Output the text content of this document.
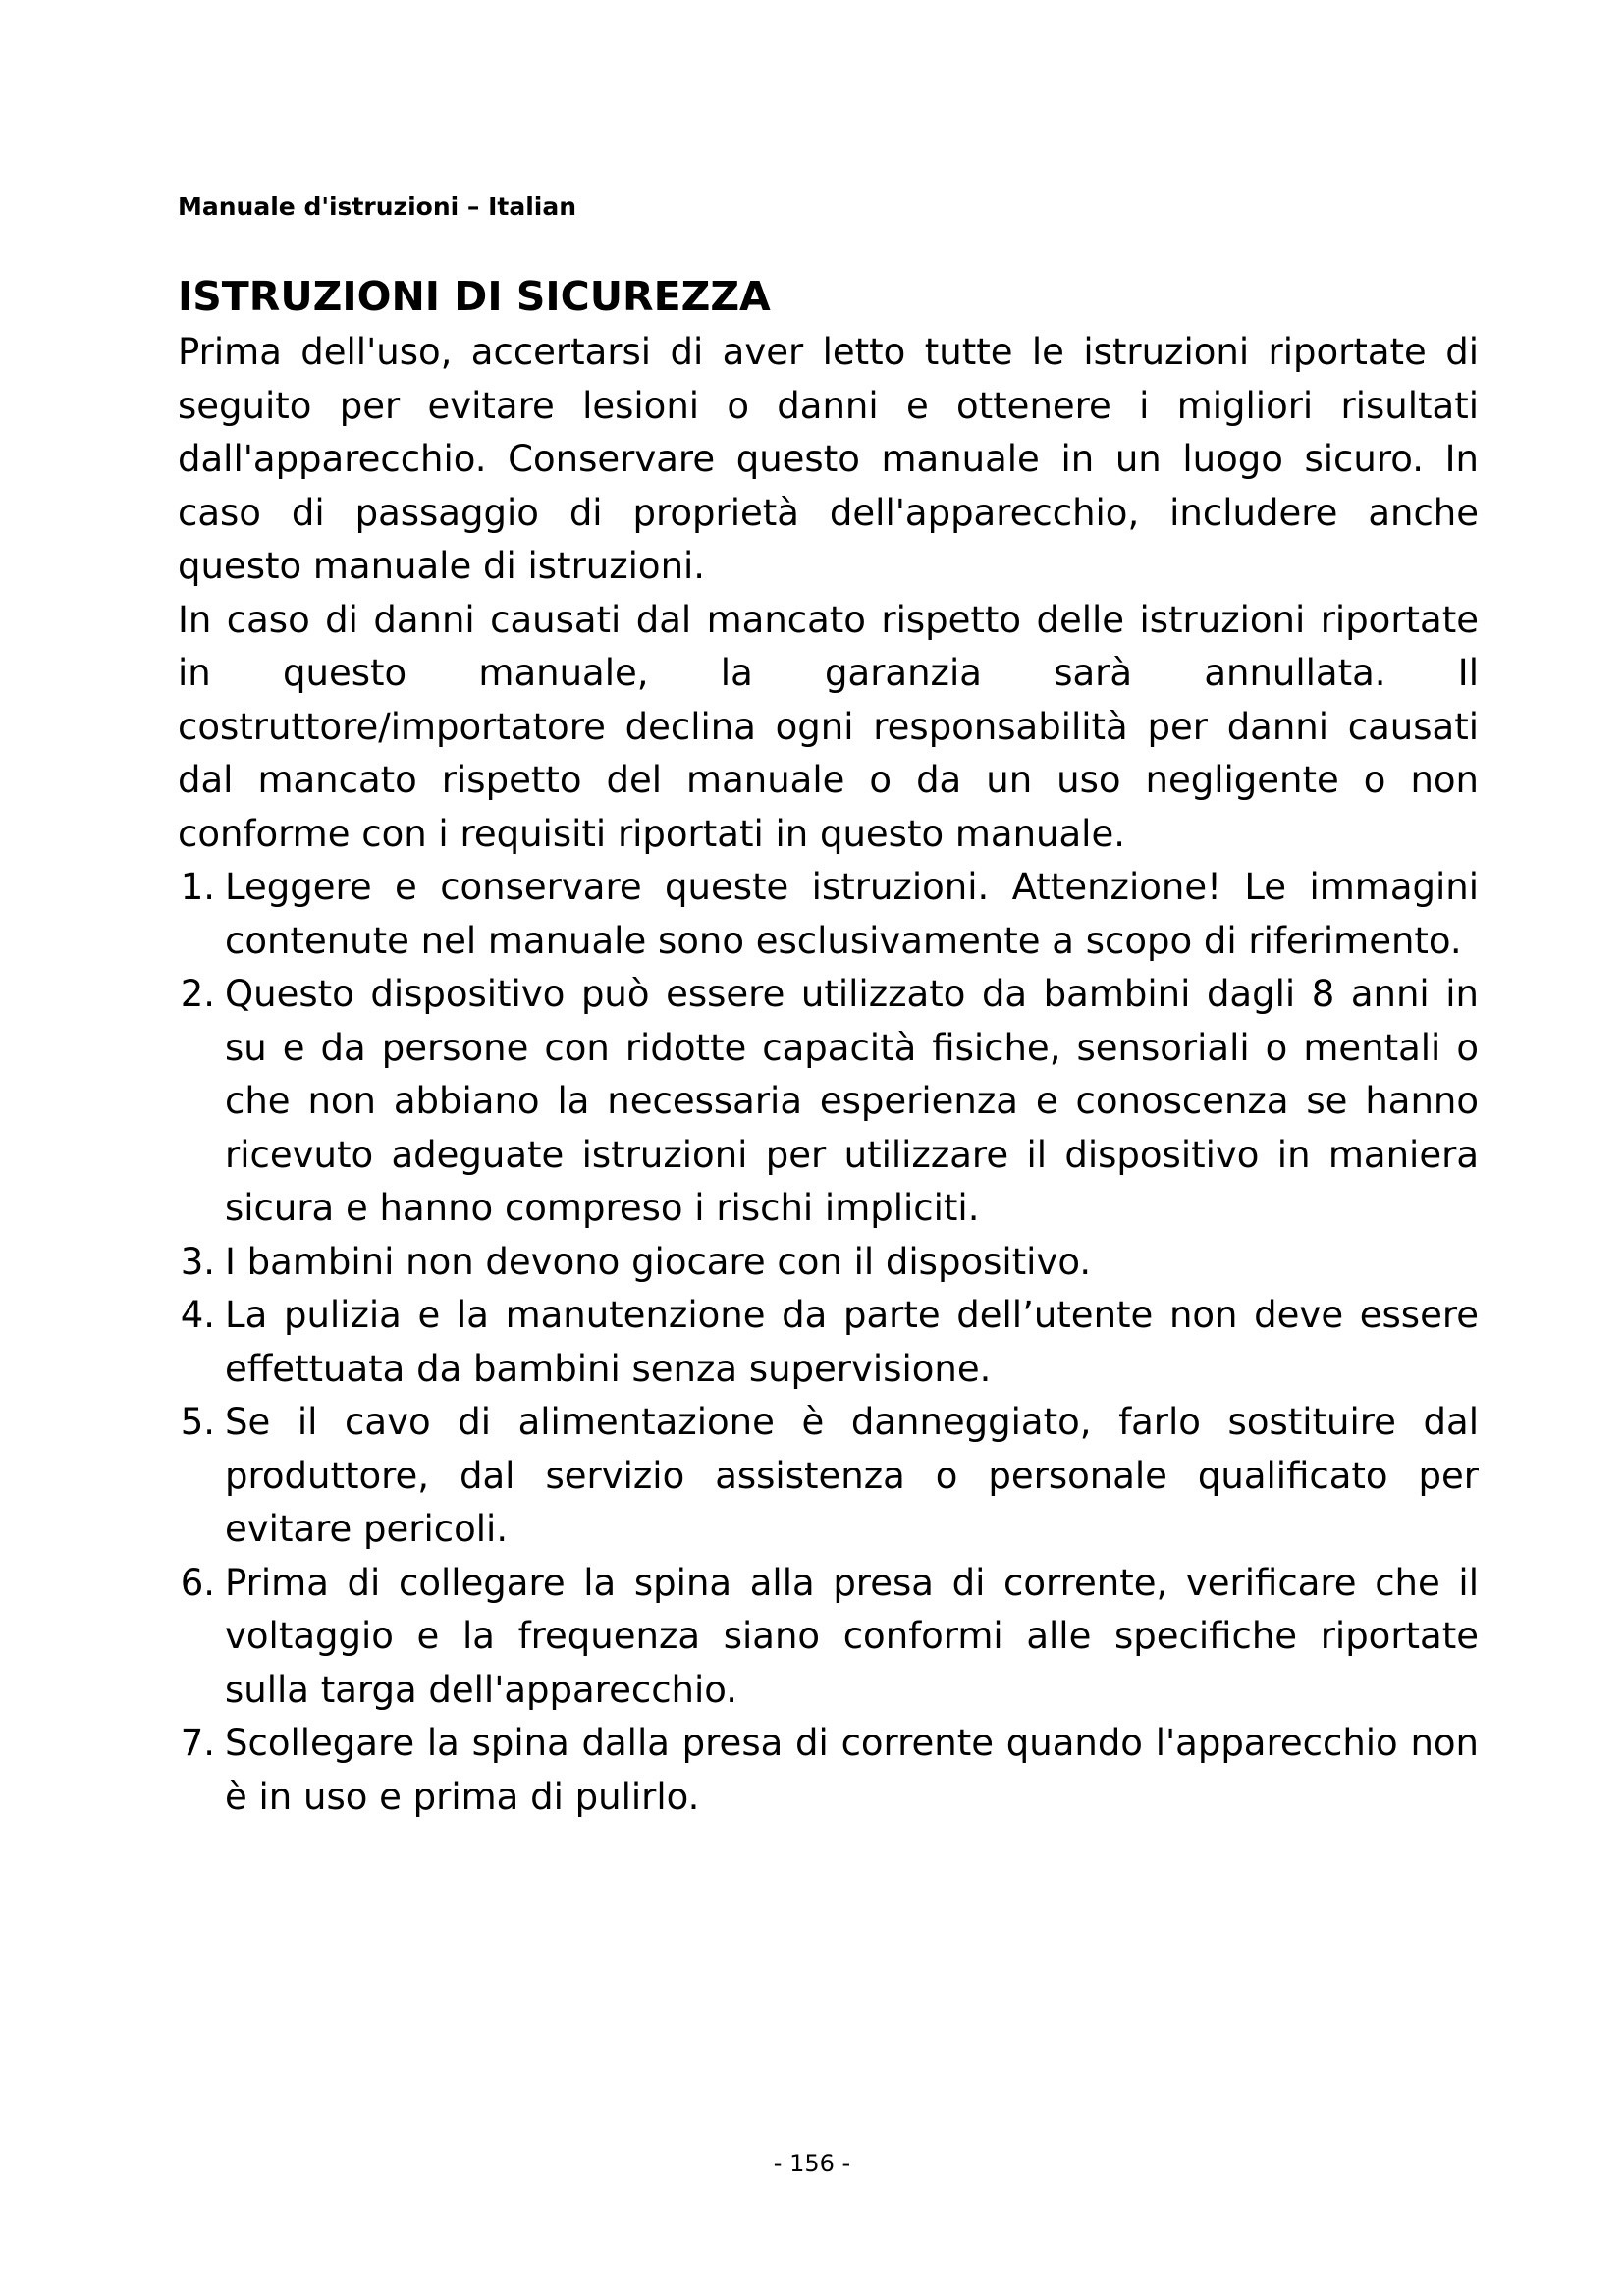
Manuale d'istruzioni – Italian
ISTRUZIONI DI SICUREZZA

Prima dell'uso, accertarsi di aver letto tutte le istruzioni riportate di seguito per evitare lesioni o danni e ottenere i migliori risultati dall'apparecchio. Conservare questo manuale in un luogo sicuro. In caso di passaggio di proprietà dell'apparecchio, includere anche questo manuale di istruzioni.

In caso di danni causati dal mancato rispetto delle istruzioni riportate in questo manuale, la garanzia sarà annullata. Il costruttore/importatore declina ogni responsabilità per danni causati dal mancato rispetto del manuale o da un uso negligente o non conforme con i requisiti riportati in questo manuale.

1. Leggere e conservare queste istruzioni. Attenzione! Le immagini contenute nel manuale sono esclusivamente a scopo di riferimento.
2. Questo dispositivo può essere utilizzato da bambini dagli 8 anni in su e da persone con ridotte capacità fisiche, sensoriali o mentali o che non abbiano la necessaria esperienza e conoscenza se hanno ricevuto adeguate istruzioni per utilizzare il dispositivo in maniera sicura e hanno compreso i rischi impliciti.
3. I bambini non devono giocare con il dispositivo.
4. La pulizia e la manutenzione da parte dell’utente non deve essere effettuata da bambini senza supervisione.
5. Se il cavo di alimentazione è danneggiato, farlo sostituire dal produttore, dal servizio assistenza o personale qualificato per evitare pericoli.
6. Prima di collegare la spina alla presa di corrente, verificare che il voltaggio e la frequenza siano conformi alle specifiche riportate sulla targa dell'apparecchio.
7. Scollegare la spina dalla presa di corrente quando l'apparecchio non è in uso e prima di pulirlo.
- 156 -
